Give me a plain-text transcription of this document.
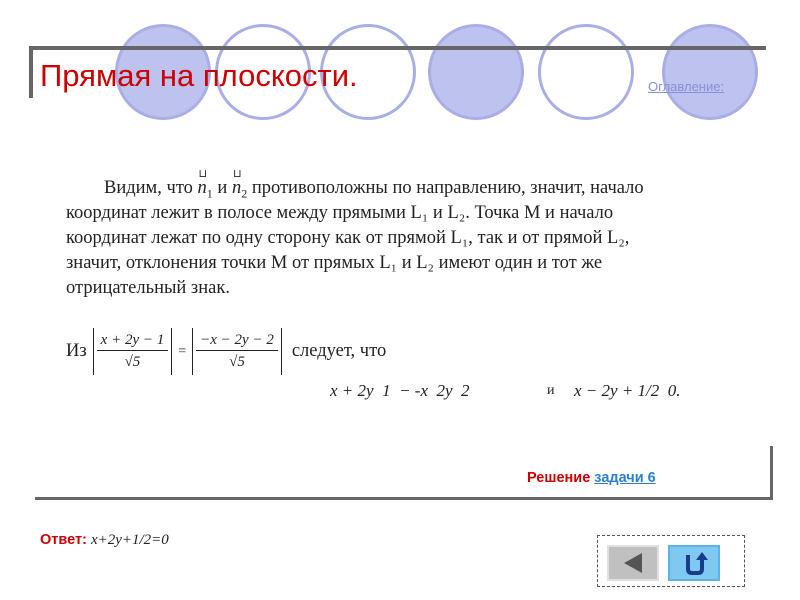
Прямая на плоскости.	Оглавление:
Видим, что
⊔
$n_1$ и
⊔
$n_2$ противоположны по направлению, значит, начало
координат лежит в полосе между прямыми L₁ и L₂. Точка M и начало
координат лежат по одну сторону как от прямой L₁, так и от прямой L₂,
значит, отклонения точки M от прямых L₁ и L₂ имеют один и тот же
отрицательный знак.
Из $\frac{x + 2y - 1}{√5} = \frac{-x - 2y - 2}{√5}$ следует, что
x + 2y  1  − -x  2y  2	и x − 2y + 1/2  0.
Решение задачи 6
Ответ: x+2y+1/2=0
